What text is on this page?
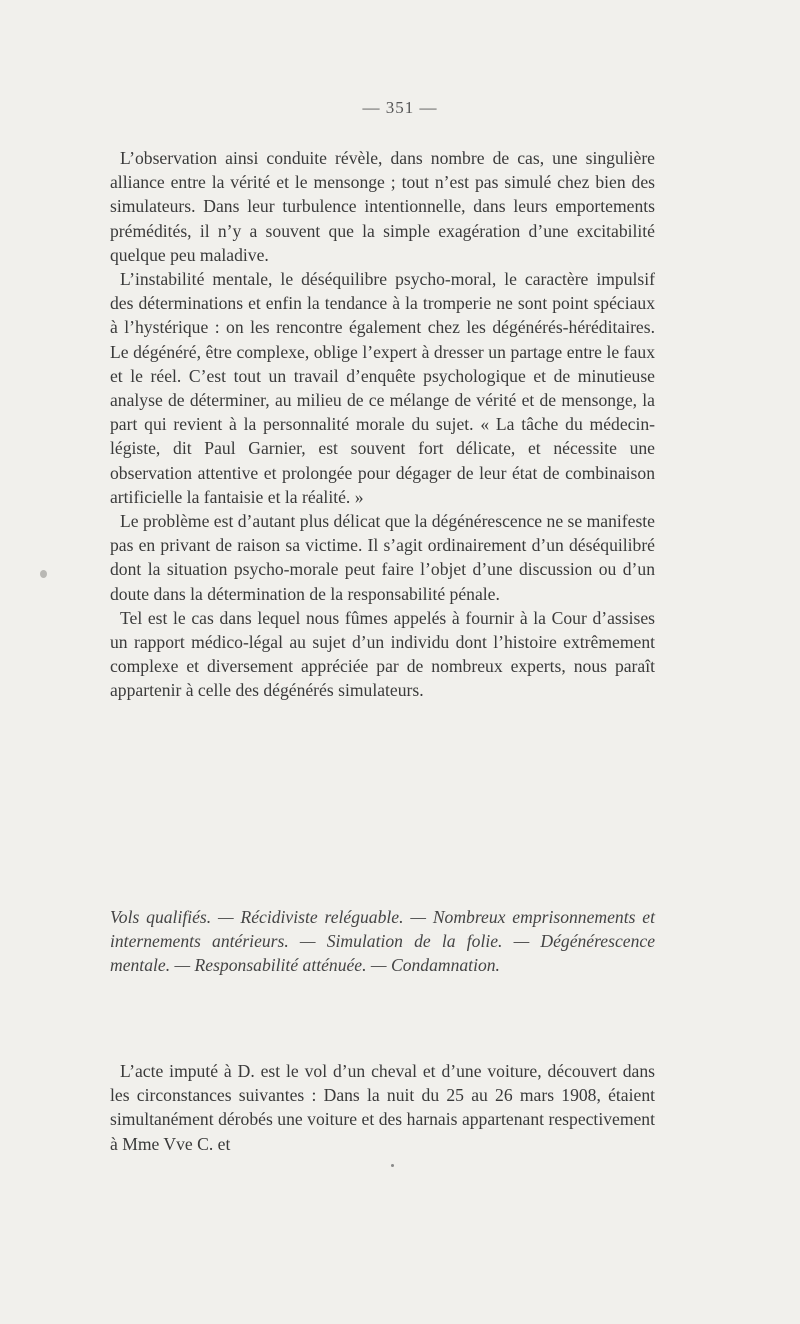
— 351 —

L’observation ainsi conduite révèle, dans nombre de cas, une singulière alliance entre la vérité et le mensonge ; tout n’est pas simulé chez bien des simulateurs. Dans leur turbulence intentionnelle, dans leurs emportements prémédités, il n’y a souvent que la simple exagération d’une excitabilité quelque peu maladive.

L’instabilité mentale, le déséquilibre psycho-moral, le caractère impulsif des déterminations et enfin la tendance à la tromperie ne sont point spéciaux à l’hystérique : on les rencontre également chez les dégénérés-héréditaires. Le dégénéré, être complexe, oblige l’expert à dresser un partage entre le faux et le réel. C’est tout un travail d’enquête psychologique et de minutieuse analyse de déterminer, au milieu de ce mélange de vérité et de mensonge, la part qui revient à la personnalité morale du sujet. « La tâche du médecin-légiste, dit Paul Garnier, est souvent fort délicate, et nécessite une observation attentive et prolongée pour dégager de leur état de combinaison artificielle la fantaisie et la réalité. »

Le problème est d’autant plus délicat que la dégénérescence ne se manifeste pas en privant de raison sa victime. Il s’agit ordinairement d’un déséquilibré dont la situation psycho-morale peut faire l’objet d’une discussion ou d’un doute dans la détermination de la responsabilité pénale.

Tel est le cas dans lequel nous fûmes appelés à fournir à la Cour d’assises un rapport médico-légal au sujet d’un individu dont l’histoire extrêmement complexe et diversement appréciée par de nombreux experts, nous paraît appartenir à celle des dégénérés simulateurs.

Vols qualifiés. — Récidiviste reléguable. — Nombreux emprisonnements et internements antérieurs. — Simulation de la folie. — Dégénérescence mentale. — Responsabilité atténuée. — Condamnation.

L’acte imputé à D. est le vol d’un cheval et d’une voiture, découvert dans les circonstances suivantes : Dans la nuit du 25 au 26 mars 1908, étaient simultanément dérobés une voiture et des harnais appartenant respectivement à Mme Vve C. et
